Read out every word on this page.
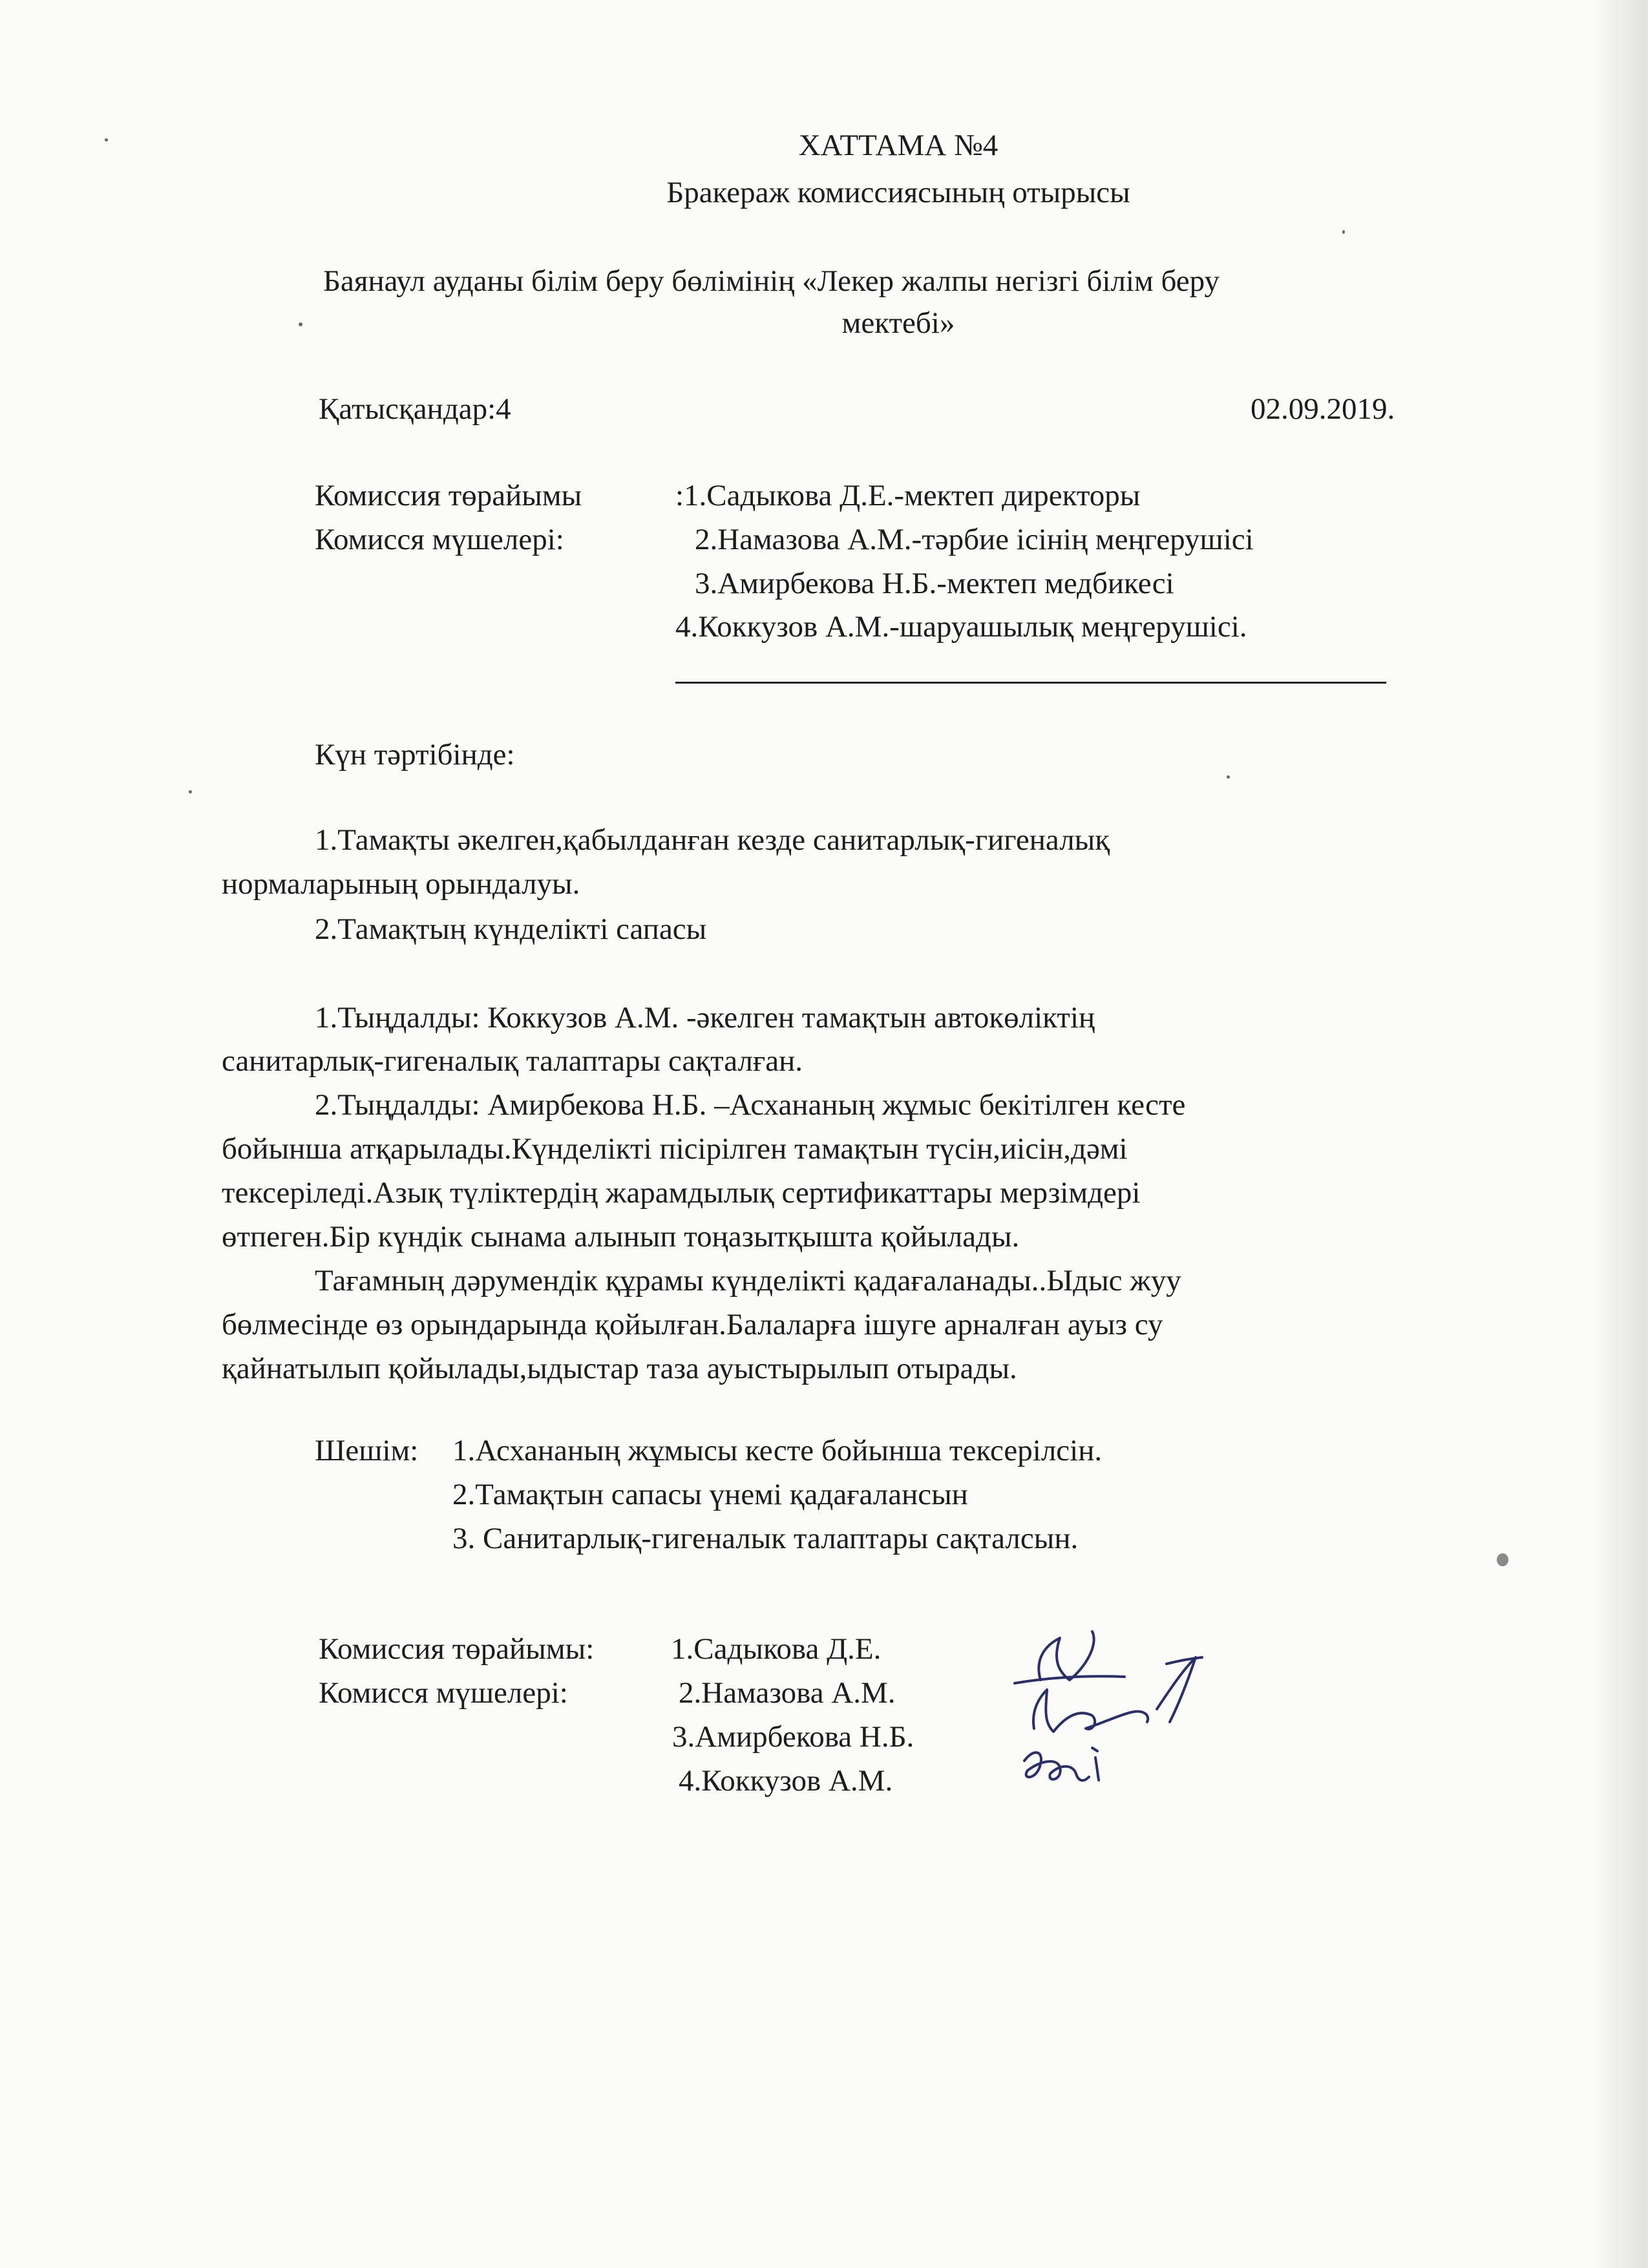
ХАТТАМА №4
Бракераж комиссиясының отырысы
Баянаул ауданы білім беру бөлімінің «Лекер жалпы негізгі білім беру
мектебі»
Қатысқандар:4	02.09.2019.
Комиссия төрайымы	:1.Садыкова Д.Е.-мектеп директоры
Комисся мүшелері:	2.Намазова А.М.-тәрбие ісінің меңгерушісі
3.Амирбекова Н.Б.-мектеп медбикесі
4.Коккузов А.М.-шаруашылық меңгерушісі.
Күн тәртібінде:
1.Тамақты әкелген,қабылданған кезде санитарлық-гигеналық
нормаларының орындалуы.
2.Тамақтың күнделікті сапасы
1.Тыңдалды: Коккузов А.М. -әкелген тамақтын автокөліктің
санитарлық-гигеналық талаптары сақталған.
2.Тыңдалды: Амирбекова Н.Б. –Асхананың жұмыс бекітілген кесте
бойынша атқарылады.Күнделікті пісірілген тамақтын түсін,иісін,дәмі
тексеріледі.Азық түліктердің жарамдылық сертификаттары мерзімдері
өтпеген.Бір күндік сынама алынып тоңазытқышта қойылады.
Тағамның дәрумендік құрамы күнделікті қадағаланады..Ыдыс жуу
бөлмесінде өз орындарында қойылған.Балаларға ішуге арналған ауыз су
қайнатылып қойылады,ыдыстар таза ауыстырылып отырады.
Шешім: 1.Асхананың жұмысы кесте бойынша тексерілсін.
2.Тамақтын сапасы үнемі қадағалансын
3. Санитарлық-гигеналык талаптары сақталсын.
Комиссия төрайымы:	1.Садыкова Д.Е.
Комисся мүшелері:	2.Намазова А.М.
3.Амирбекова Н.Б.
4.Коккузов А.М.
